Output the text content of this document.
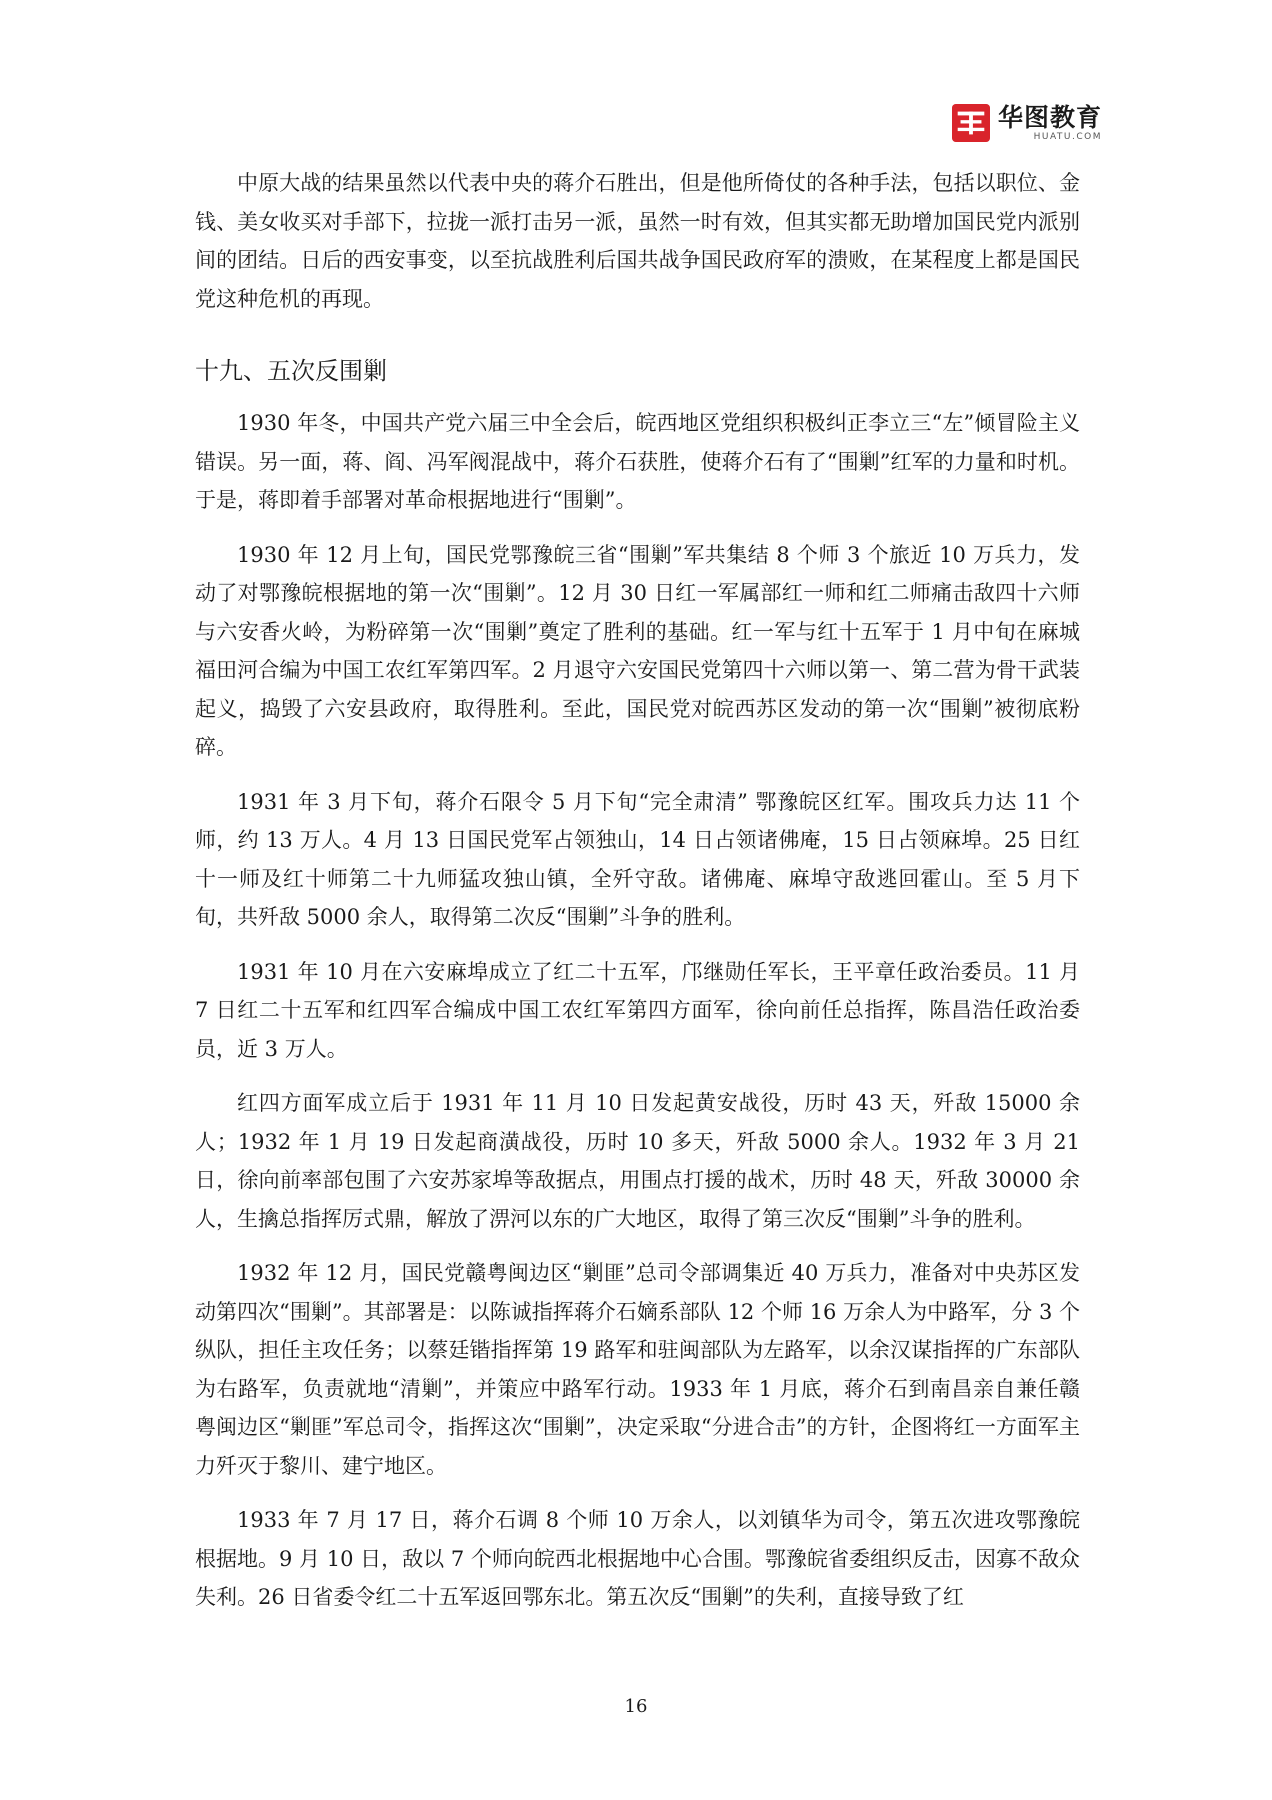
华图教育
HUATU.COM

中原大战的结果虽然以代表中央的蒋介石胜出，但是他所倚仗的各种手法，包括以职位、金钱、美女收买对手部下，拉拢一派打击另一派，虽然一时有效，但其实都无助增加国民党内派别间的团结。日后的西安事变，以至抗战胜利后国共战争国民政府军的溃败，在某程度上都是国民党这种危机的再现。

十九、五次反围剿

1930 年冬，中国共产党六届三中全会后，皖西地区党组织积极纠正李立三“左”倾冒险主义错误。另一面，蒋、阎、冯军阀混战中，蒋介石获胜，使蒋介石有了“围剿”红军的力量和时机。于是，蒋即着手部署对革命根据地进行“围剿”。

1930 年 12 月上旬，国民党鄂豫皖三省“围剿”军共集结 8 个师 3 个旅近 10 万兵力，发动了对鄂豫皖根据地的第一次“围剿”。12 月 30 日红一军属部红一师和红二师痛击敌四十六师与六安香火岭，为粉碎第一次“围剿”奠定了胜利的基础。红一军与红十五军于 1 月中旬在麻城福田河合编为中国工农红军第四军。2 月退守六安国民党第四十六师以第一、第二营为骨干武装起义，捣毁了六安县政府，取得胜利。至此，国民党对皖西苏区发动的第一次“围剿”被彻底粉碎。

1931 年 3 月下旬，蒋介石限令 5 月下旬“完全肃清” 鄂豫皖区红军。围攻兵力达 11 个师，约 13 万人。4 月 13 日国民党军占领独山，14 日占领诸佛庵，15 日占领麻埠。25 日红十一师及红十师第二十九师猛攻独山镇，全歼守敌。诸佛庵、麻埠守敌逃回霍山。至 5 月下旬，共歼敌 5000 余人，取得第二次反“围剿”斗争的胜利。

1931 年 10 月在六安麻埠成立了红二十五军，邝继勋任军长，王平章任政治委员。11 月 7 日红二十五军和红四军合编成中国工农红军第四方面军，徐向前任总指挥，陈昌浩任政治委员，近 3 万人。

红四方面军成立后于 1931 年 11 月 10 日发起黄安战役，历时 43 天，歼敌 15000 余人；1932 年 1 月 19 日发起商潢战役，历时 10 多天，歼敌 5000 余人。1932 年 3 月 21 日，徐向前率部包围了六安苏家埠等敌据点，用围点打援的战术，历时 48 天，歼敌 30000 余人，生擒总指挥厉式鼎，解放了淠河以东的广大地区，取得了第三次反“围剿”斗争的胜利。

1932 年 12 月，国民党赣粤闽边区“剿匪”总司令部调集近 40 万兵力，准备对中央苏区发动第四次“围剿”。其部署是：以陈诚指挥蒋介石嫡系部队 12 个师 16 万余人为中路军，分 3 个纵队，担任主攻任务；以蔡廷锴指挥第 19 路军和驻闽部队为左路军，以余汉谋指挥的广东部队为右路军，负责就地“清剿”，并策应中路军行动。1933 年 1 月底，蒋介石到南昌亲自兼任赣粤闽边区“剿匪”军总司令，指挥这次“围剿”，决定采取“分进合击”的方针，企图将红一方面军主力歼灭于黎川、建宁地区。

1933 年 7 月 17 日，蒋介石调 8 个师 10 万余人，以刘镇华为司令，第五次进攻鄂豫皖根据地。9 月 10 日，敌以 7 个师向皖西北根据地中心合围。鄂豫皖省委组织反击，因寡不敌众失利。26 日省委令红二十五军返回鄂东北。第五次反“围剿”的失利，直接导致了红

16
